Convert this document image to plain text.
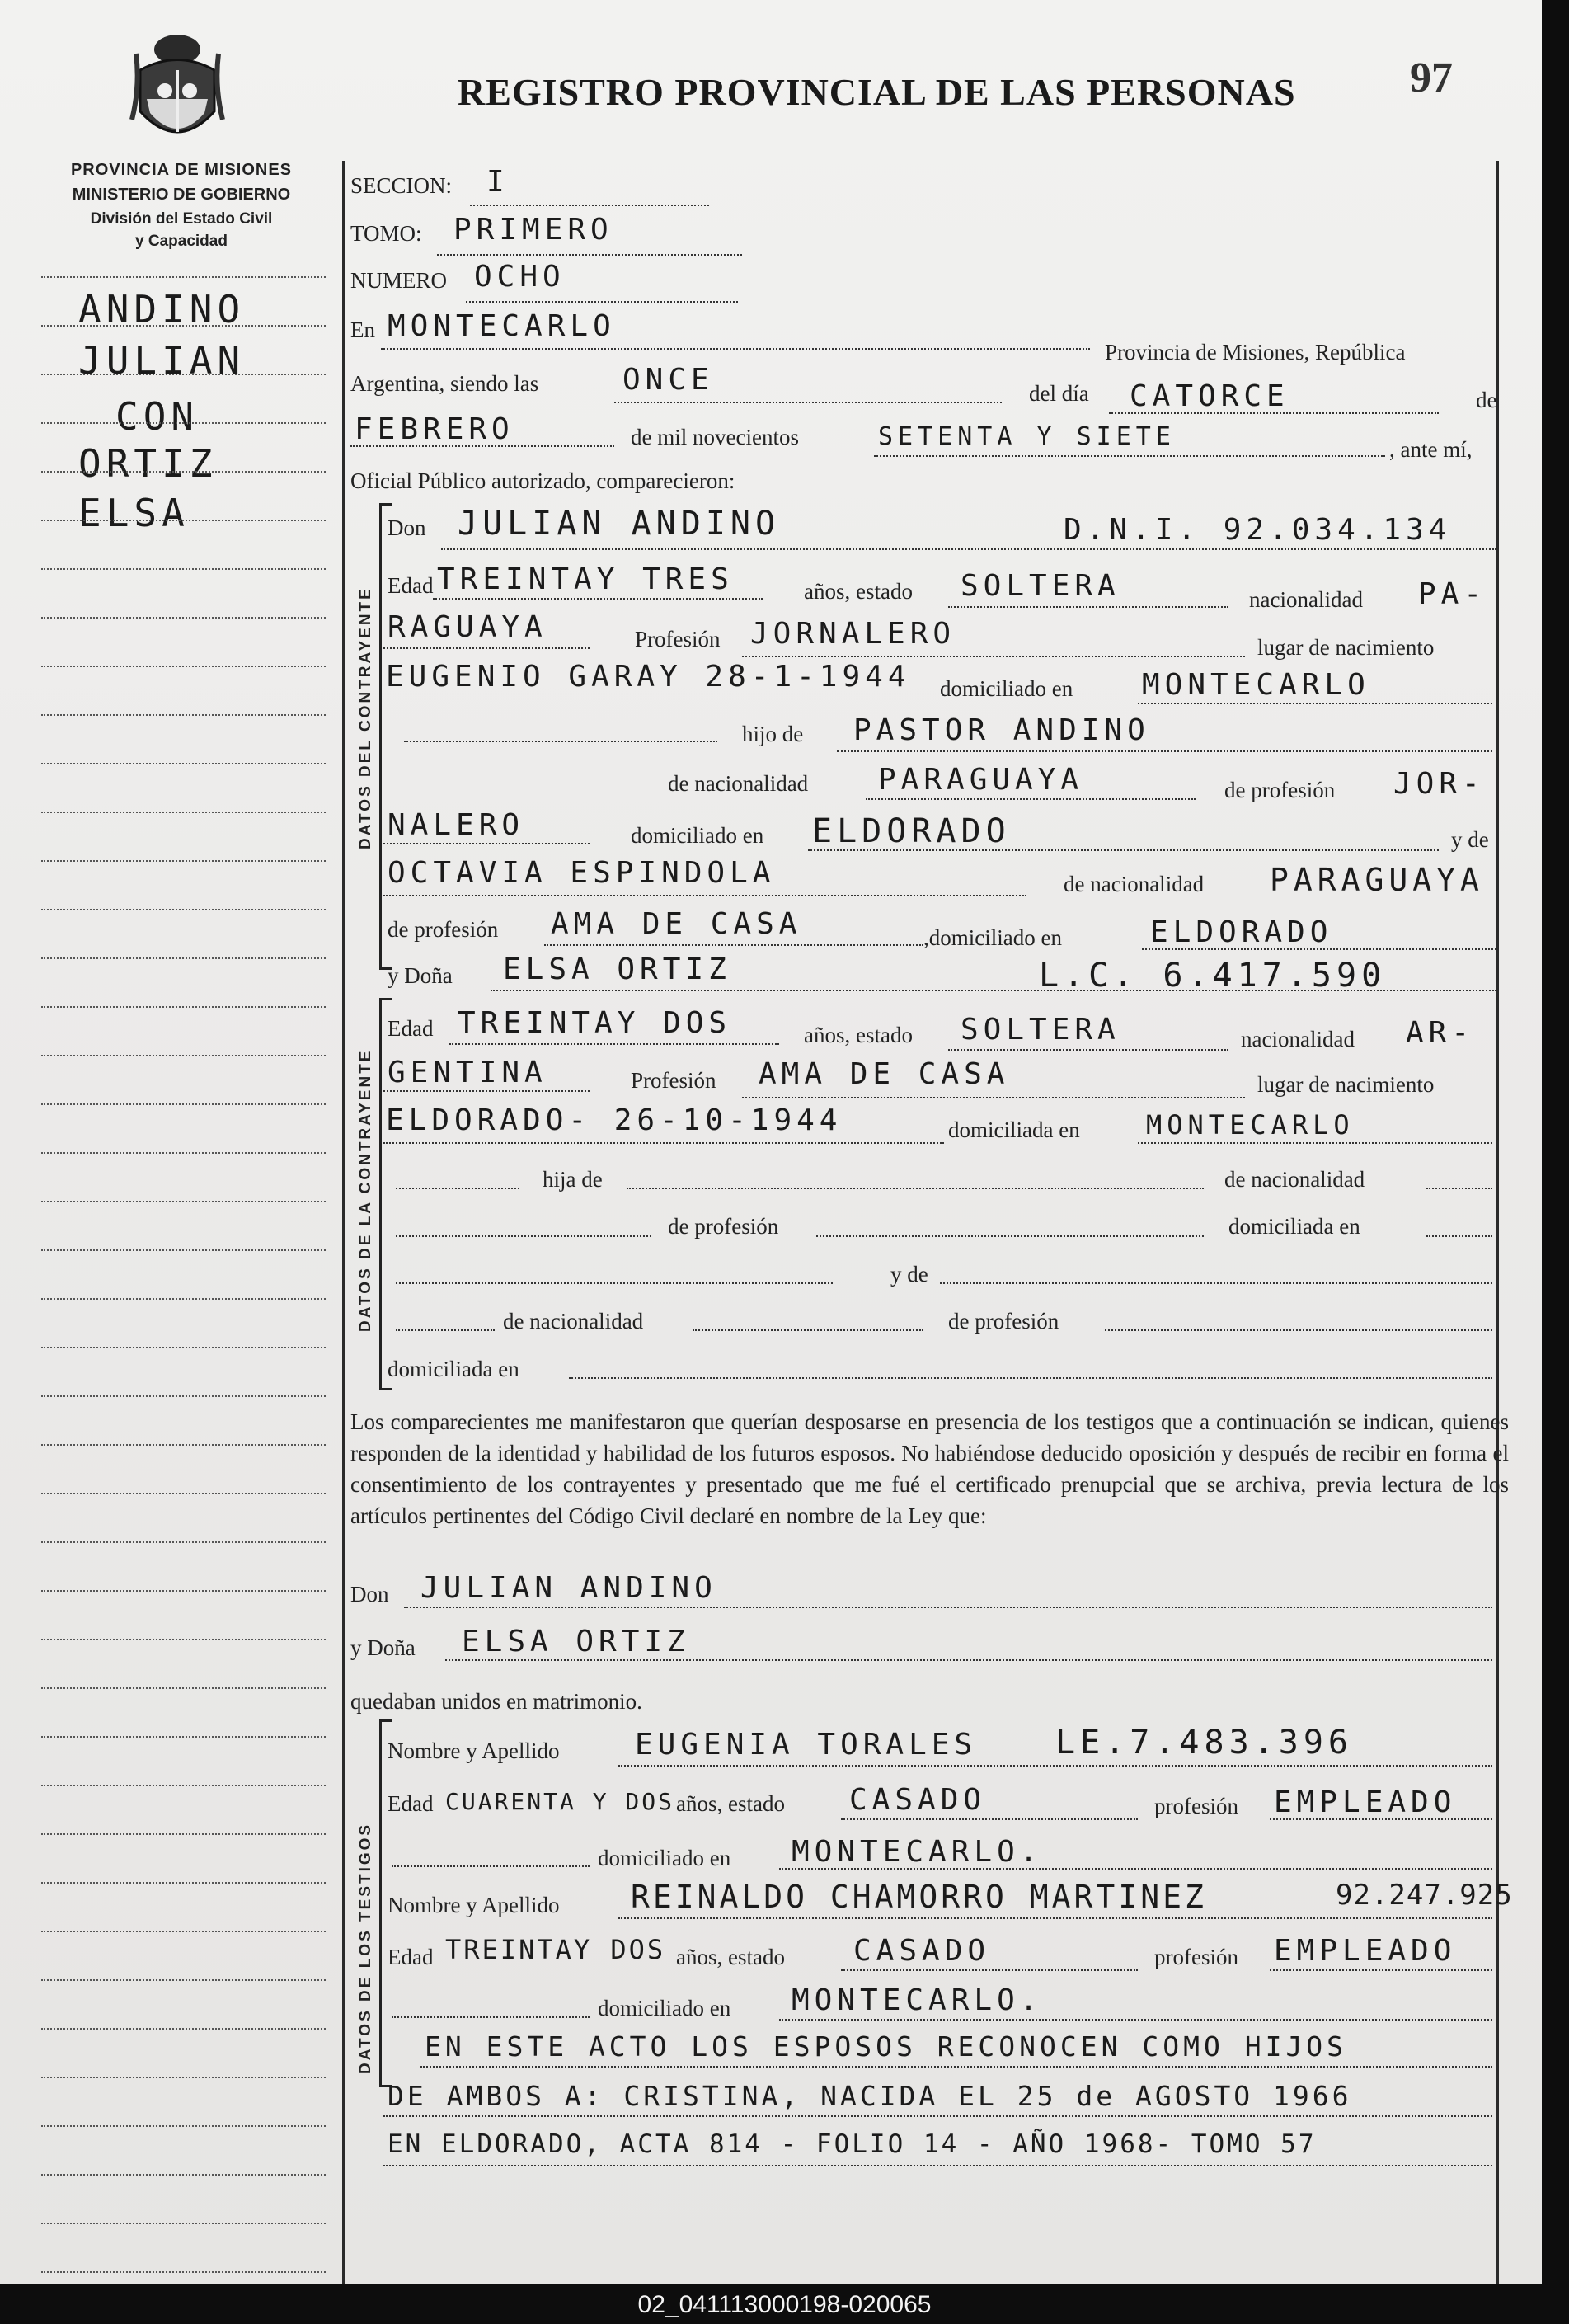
PROVINCIA DE MISIONES
MINISTERIO DE GOBIERNO
División del Estado Civil
y Capacidad
REGISTRO PROVINCIAL DE LAS PERSONAS	97
ANDINO
JULIAN
CON
ORTIZ
ELSA
SECCION: I
TOMO: PRIMERO
NUMERO OCHO
En MONTECARLO
Provincia de Misiones, República
Argentina, siendo las	ONCE	del día CATORCE	de
FEBRERO	de mil novecientos	SETENTA Y SIETE	, ante mí,
Oficial Público autorizado, comparecieron:
DATOS DEL CONTRAYENTE
Don JULIAN ANDINO	D.N.I. 92.034.134
Edad TREINTAY TRES	años, estado SOLTERA	nacionalidad PA-
RAGUAYA	Profesión JORNALERO	lugar de nacimiento
EUGENIO GARAY 28-1-1944 domiciliado en MONTECARLO
hijo de PASTOR ANDINO
de nacionalidad PARAGUAYA	de profesión JOR-
NALERO	domiciliado en ELDORADO	y de
OCTAVIA ESPINDOLA	de nacionalidad PARAGUAYA
de profesión AMA DE CASA	,domiciliado en	ELDORADO
y Doña ELSA ORTIZ	L.C. 6.417.590
DATOS DE LA CONTRAYENTE
Edad TREINTAY DOS	años, estado SOLTERA	nacionalidad AR-
GENTINA	Profesión AMA DE CASA	lugar de nacimiento
ELDORADO- 26-10-1944	domiciliada en	MONTECARLO
hija de	de nacionalidad
de profesión	domiciliada en
y de
de nacionalidad	de profesión
domiciliada en
Los comparecientes me manifestaron que querían desposarse en presencia de los testigos que a continuación se indican, quienes responden de la identidad y habilidad de los futuros esposos. No habiéndose deducido oposición y después de recibir en forma el consentimiento de los contrayentes y presentado que me fué el certificado prenupcial que se archiva, previa lectura de los artículos pertinentes del Código Civil declaré en nombre de la Ley que:
Don JULIAN ANDINO
y Doña ELSA ORTIZ
quedaban unidos en matrimonio.
DATOS DE LOS TESTIGOS
Nombre y Apellido	EUGENIA TORALES LE.7.483.396
Edad CUARENTA Y DOS años, estado CASADO	profesión EMPLEADO
domiciliado en MONTECARLO.
Nombre y Apellido REINALDO CHAMORRO MARTINEZ	92.247.925
Edad TREINTAY DOS años, estado CASADO	profesión EMPLEADO
domiciliado en MONTECARLO.
EN ESTE ACTO LOS ESPOSOS RECONOCEN COMO HIJOS
DE AMBOS A: CRISTINA, NACIDA EL 25 de AGOSTO 1966
EN ELDORADO, ACTA 814 - FOLIO 14 - AÑO 1968- TOMO 57
02_041113000198-020065
